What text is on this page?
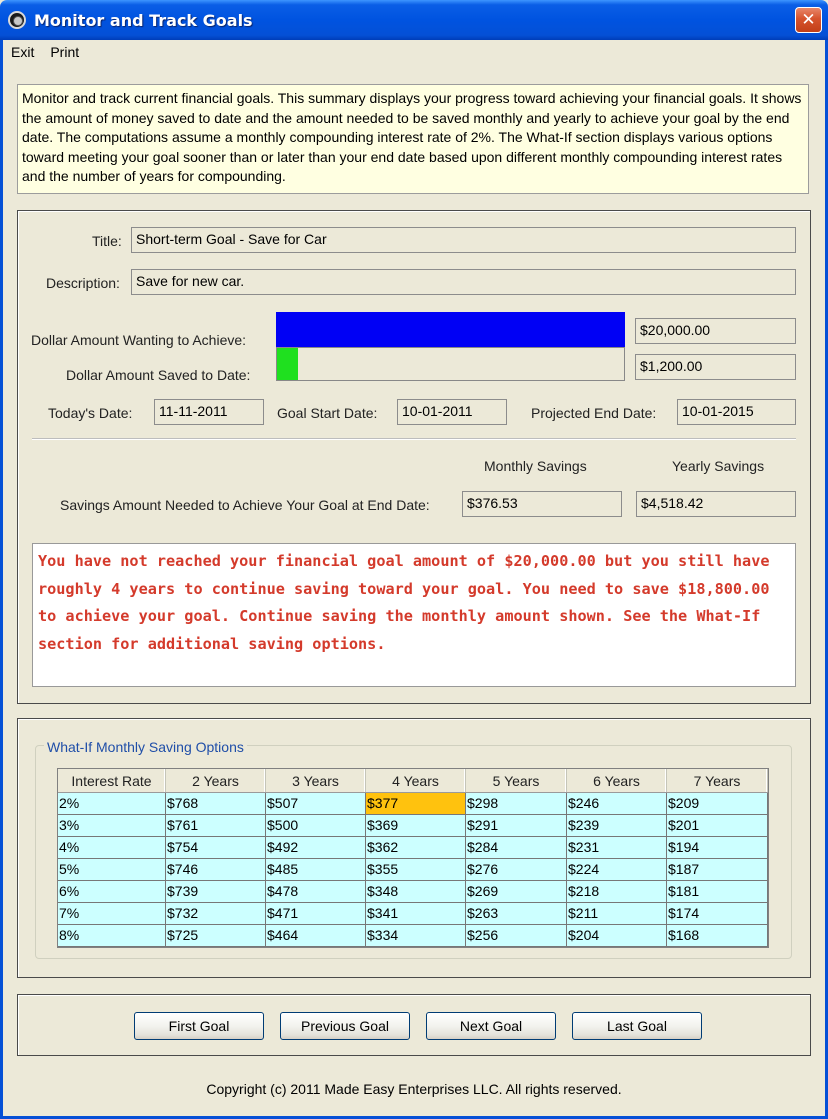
Monitor and Track Goals	✕
Exit	Print
Monitor and track current financial goals. This summary displays your progress toward achieving your financial goals. It shows the amount of money saved to date and the amount needed to be saved monthly and yearly to achieve your goal by the end date. The computations assume a monthly compounding interest rate of 2%. The What-If section displays various options toward meeting your goal sooner than or later than your end date based upon different monthly compounding interest rates and the number of years for compounding.
Title:	Short-term Goal - Save for Car
Description:	Save for new car.
Dollar Amount Wanting to Achieve:
$20,000.00
Dollar Amount Saved to Date:
$1,200.00
Today's Date:	11-11-2011	Goal Start Date:	10-01-2011	Projected End Date:	10-01-2015
Monthly Savings	Yearly Savings
Savings Amount Needed to Achieve Your Goal at End Date:	$376.53	$4,518.42
You have not reached your financial goal amount of $20,000.00 but you still have roughly 4 years to continue saving toward your goal. You need to save $18,800.00 to achieve your goal. Continue saving the monthly amount shown. See the What-If section for additional saving options.
What-If Monthly Saving Options
Interest Rate	2 Years	3 Years	4 Years	5 Years	6 Years	7 Years
2%	$768	$507	$377	$298	$246	$209
3%	$761	$500	$369	$291	$239	$201
4%	$754	$492	$362	$284	$231	$194
5%	$746	$485	$355	$276	$224	$187
6%	$739	$478	$348	$269	$218	$181
7%	$732	$471	$341	$263	$211	$174
8%	$725	$464	$334	$256	$204	$168
First Goal	Previous Goal	Next Goal	Last Goal
Copyright (c) 2011 Made Easy Enterprises LLC. All rights reserved.
